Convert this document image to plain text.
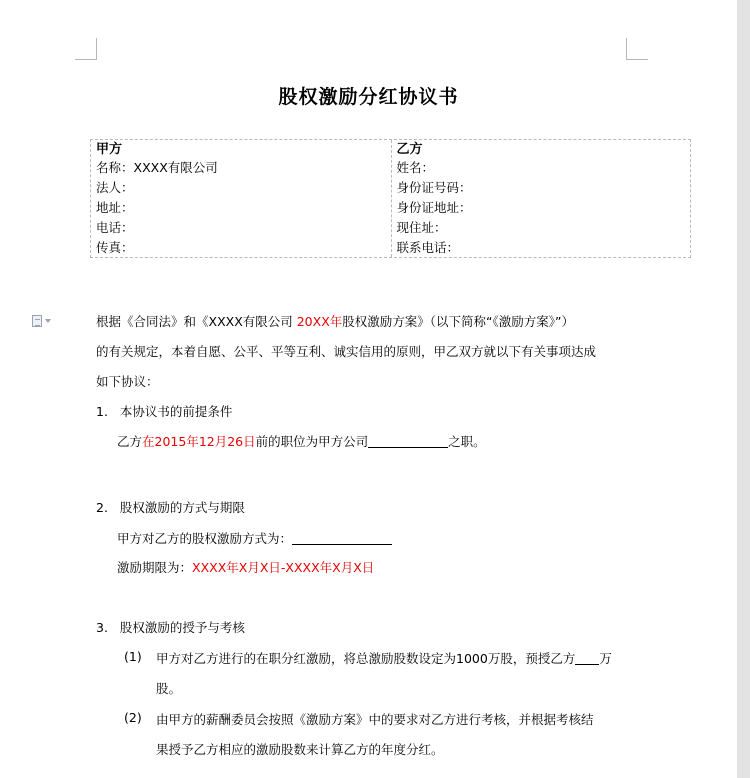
股权激励分红协议书
甲方
名称：XXXX有限公司
法人：
地址：
电话：
传真：
乙方
姓名：
身份证号码：
身份证地址：
现住址：
联系电话：
根据《合同法》和《XXXX有限公司 20XX年股权激励方案》（以下简称“《激励方案》”）
的有关规定，本着自愿、公平、平等互利、诚实信用的原则，甲乙双方就以下有关事项达成
如下协议：
1. 本协议书的前提条件
乙方在2015年12月26日前的职位为甲方公司	之职。
2. 股权激励的方式与期限
甲方对乙方的股权激励方式为：
激励期限为：XXXX年X月X日-XXXX年X月X日
3. 股权激励的授予与考核
(1) 甲方对乙方进行的在职分红激励，将总激励股数设定为1000万股，预授乙方 万
股。
(2) 由甲方的薪酬委员会按照《激励方案》中的要求对乙方进行考核，并根据考核结
果授予乙方相应的激励股数来计算乙方的年度分红。
